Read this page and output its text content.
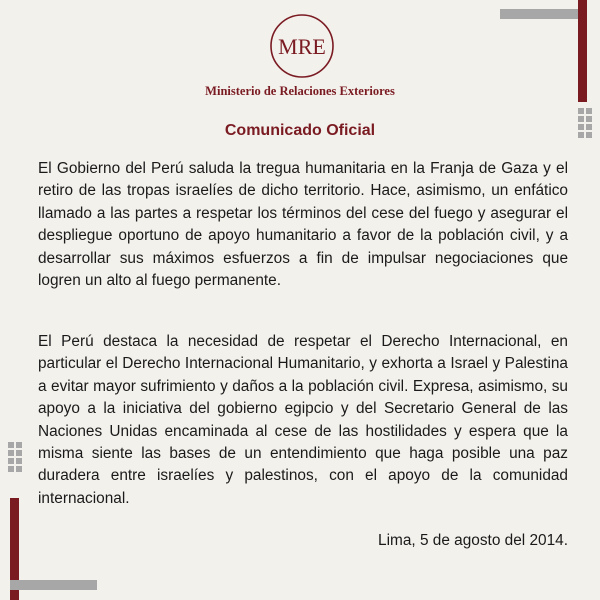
MRE
Ministerio de Relaciones Exteriores
Comunicado Oficial

El Gobierno del Perú saluda la tregua humanitaria en la Franja de Gaza y el retiro de las tropas israelíes de dicho territorio. Hace, asimismo, un enfático llamado a las partes a respetar los términos del cese del fuego y asegurar el despliegue oportuno de apoyo humanitario a favor de la población civil, y a desarrollar sus máximos esfuerzos a fin de impulsar negociaciones que logren un alto al fuego permanente.

El Perú destaca la necesidad de respetar el Derecho Internacional, en particular el Derecho Internacional Humanitario, y exhorta a Israel y Palestina a evitar mayor sufrimiento y daños a la población civil. Expresa, asimismo, su apoyo a la iniciativa del gobierno egipcio y del Secretario General de las Naciones Unidas encaminada al cese de las hostilidades y espera que la misma siente las bases de un entendimiento que haga posible una paz duradera entre israelíes y palestinos, con el apoyo de la comunidad internacional.

Lima, 5 de agosto del 2014.
